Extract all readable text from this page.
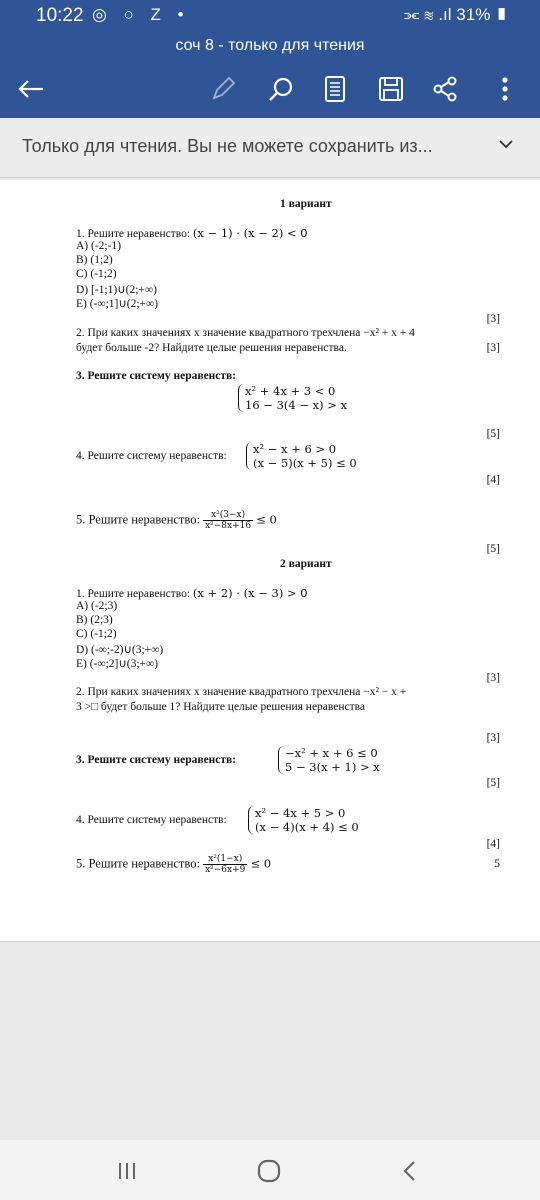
10:22 ◎ ○ Z •	⫘ ≋ .ıl 31% ▮
соч 8 - только для чтения
Только для чтения. Вы не можете сохранить из...
1 вариант
1. Решите неравенство: (x − 1) · (x − 2) < 0
A) (-2;-1)
B) (1;2)
C) (-1;2)
D) [-1;1)∪(2;+∞)
E) (-∞;1]∪(2;+∞)
[3]
2. При каких значениях x значение квадратного трехчлена −x² + x + 4
будет больше -2? Найдите целые решения неравенства.	[3]
3. Решите систему неравенств:
x² + 4x + 3 < 0
16 − 3(4 − x) > x
[5]
4. Решите систему неравенств:	x² − x + 6 > 0
(x − 5)(x + 5) ≤ 0
[4]
5. Решите неравенство: $\frac{\text{x²(3−x)}}{\text{x²−8x+16}} \le 0$
[5]
2 вариант
1. Решите неравенство: (x + 2) · (x − 3) > 0
A) (-2;3)
B) (2;3)
C) (-1;2)
D) (-∞;-2)∪(3;+∞)
E) (-∞;2]∪(3;+∞)
[3]
2. При каких значениях x значение квадратного трехчлена −x² − x +
3 >□ будет больше 1? Найдите целые решения неравенства
[3]
3. Решите систему неравенств:	−x² + x + 6 ≤ 0
5 − 3(x + 1) > x
[5]
4. Решите систему неравенств:	x² − 4x + 5 > 0
(x − 4)(x + 4) ≤ 0
[4]
5. Решите неравенство: $\frac{\text{x²(1−x)}}{\text{x²−6x+9}} \le 0$	5
